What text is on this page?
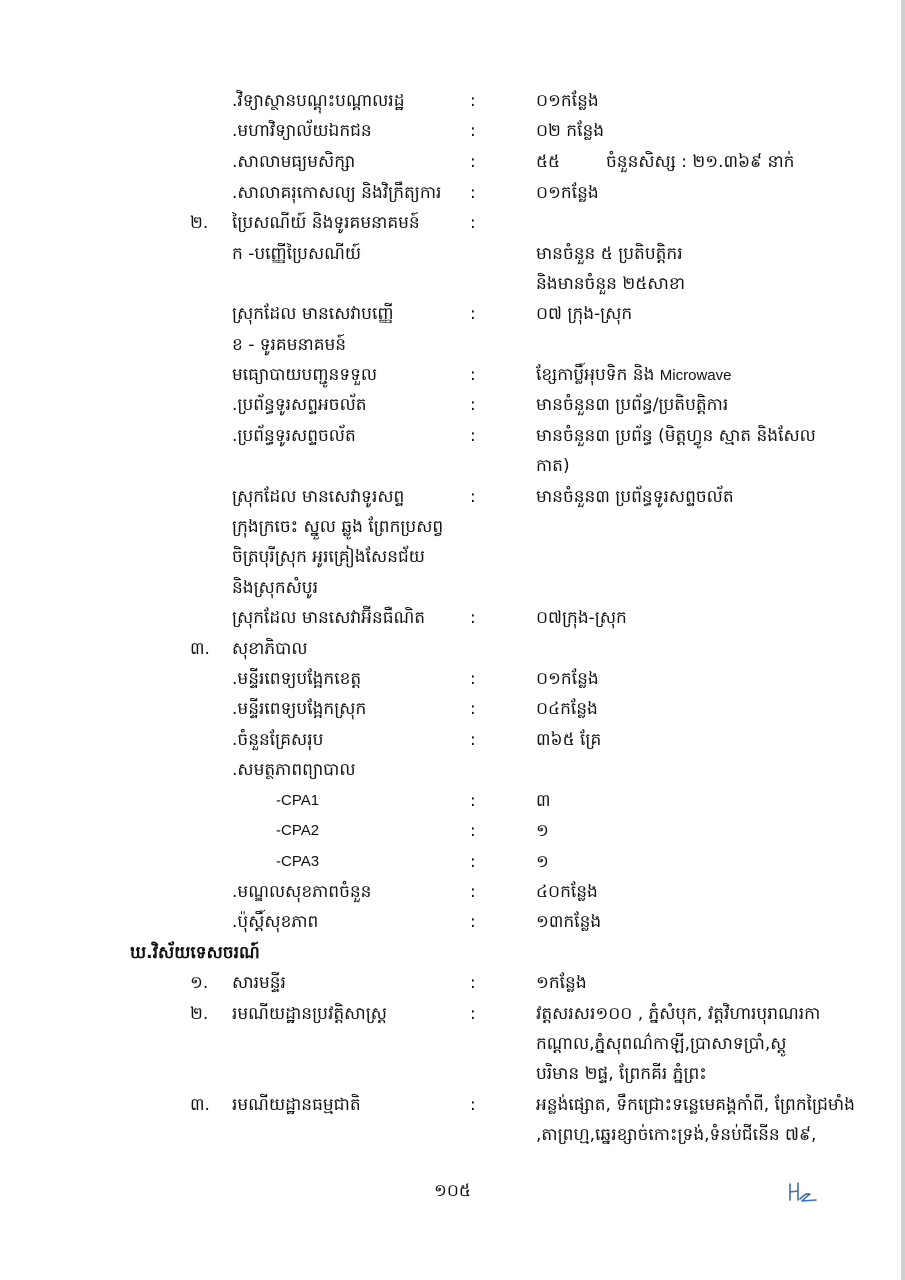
.វិទ្យាស្ថានបណ្តុះបណ្តាលរដ្ឋ	:	០១កន្លែង
.មហាវិទ្យាល័យឯកជន	:	០២ កន្លែង
.សាលាមធ្យមសិក្សា	:	៥៥	ចំនួនសិស្ស : ២១.៣៦៩ នាក់
.សាលាគរុកោសល្យ និងវិក្រឹត្យការ :	០១កន្លែង
២. ប្រៃសណីយ៍ និងទូរគមនាគមន៍	:
ក -បញ្ញើប្រៃសណីយ៍	មានចំនួន ៥ ប្រតិបត្តិករ
និងមានចំនួន ២៥សាខា
ស្រុកដែល មានសេវាបញ្ញើ	:	០៧ ក្រុង-ស្រុក
ខ - ទូរគមនាគមន៍
មធ្យោបាយបញ្ជូនទទួល	:	ខ្សែកាប្លិ៍អុបទិក និង Microwave
.ប្រព័ន្ធទូរសព្ទអចល័ត	:	មានចំនួន៣ ប្រព័ន្ធ/ប្រតិបត្តិការ
.ប្រព័ន្ធទូរសព្ទចល័ត	:	មានចំនួន៣ ប្រព័ន្ធ (មិត្តហ្វូន ស្មាត និងសែល
កាត)
ស្រុកដែល មានសេវាទូរសព្ទ	:	មានចំនួន៣ ប្រព័ន្ធទូរសព្ទចល័ត
ក្រុងក្រចេះ ស្នួល ឆ្លូង ព្រែកប្រសព្វ
ចិត្របុរីស្រុក អូរគ្រៀងសែនជ័យ
និងស្រុកសំបូរ
ស្រុកដែល មានសេវាអ៊ីនធឺណិត	:	០៧ក្រុង-ស្រុក
៣. សុខាភិបាល
.មន្ទីរពេទ្យបង្អែកខេត្ត	:	០១កន្លែង
.មន្ទីរពេទ្យបង្អែកស្រុក	:	០៤កន្លែង
.ចំនួនគ្រែសរុប	:	៣៦៥ គ្រែ
.សមត្ថភាពព្យាបាល
-CPA1	:	៣
-CPA2	:	១
-CPA3	:	១
.មណ្ឌលសុខភាពចំនួន	:	៤០កន្លែង
.ប៉ុស្តិ៍សុខភាព	:	១៣កន្លែង
ឃ.វិស័យទេសចរណ៍
១. សារមន្ទីរ	:	១កន្លែង
២. រមណីយដ្ឋានប្រវត្តិសាស្ត្រ	:	វត្តសរសរ១០០ , ភ្នំសំបុក, វត្តវិហារបុរាណរកា
កណ្តាល,ភ្នំសុពណ៌កាឡី,ប្រាសាទប្រាំ,ស្តូ
បរិមាន ២ផ្ទ, ព្រែកគីរ ភ្នំព្រះ
៣. រមណីយដ្ឋានធម្មជាតិ	:	អន្លង់ផ្សោត, ទឹកជ្រោះទន្លេមេគង្គកាំពី, ព្រែកជ្រៃមាំង
,តាព្រហ្ម,ឆ្នេរខ្សាច់កោះទ្រង់,ទំនប់ជីនើន ៧៩,
១០៥
